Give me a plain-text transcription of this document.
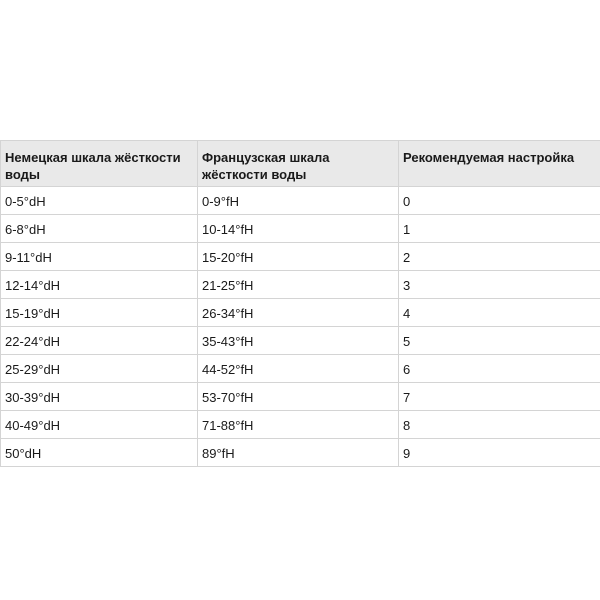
Немецкая шкала жёсткости воды	Французская шкала жёсткости воды	Рекомендуемая настройка
0-5°dH	0-9°fH	0
6-8°dH	10-14°fH	1
9-11°dH	15-20°fH	2
12-14°dH	21-25°fH	3
15-19°dH	26-34°fH	4
22-24°dH	35-43°fH	5
25-29°dH	44-52°fH	6
30-39°dH	53-70°fH	7
40-49°dH	71-88°fH	8
50°dH	89°fH	9
